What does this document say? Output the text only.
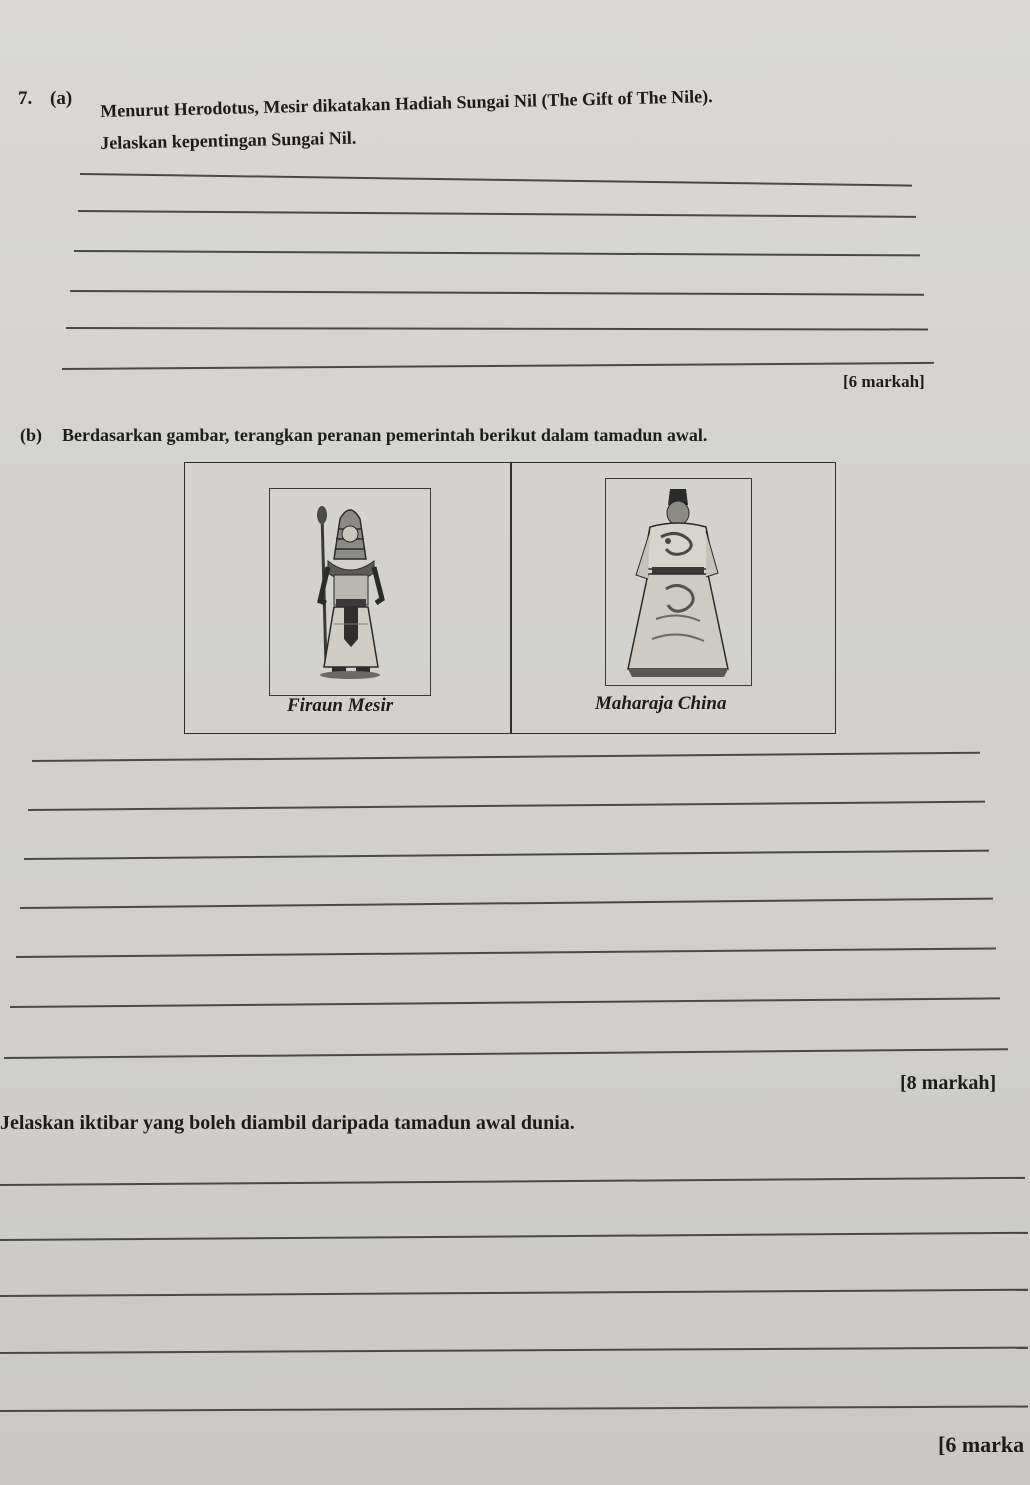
7. (a) Menurut Herodotus, Mesir dikatakan Hadiah Sungai Nil (The Gift of The Nile).
Jelaskan kepentingan Sungai Nil.
[6 markah]
(b) Berdasarkan gambar, terangkan peranan pemerintah berikut dalam tamadun awal.
Firaun Mesir	Maharaja China
[8 markah]
Jelaskan iktibar yang boleh diambil daripada tamadun awal dunia.
[6 marka
